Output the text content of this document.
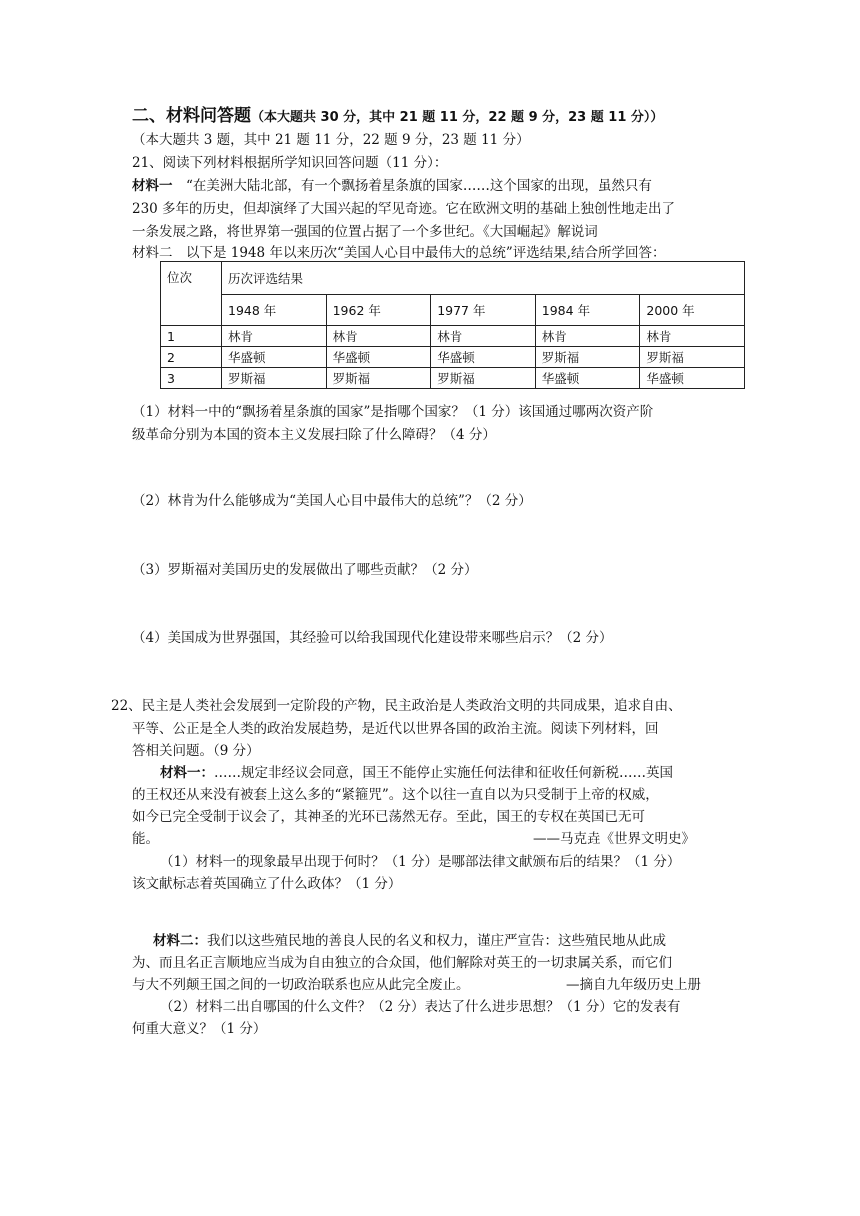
二、材料问答题（本大题共 30 分，其中 21 题 11 分，22 题 9 分，23 题 11 分））
（本大题共 3 题，其中 21 题 11 分，22 题 9 分，23 题 11 分）
21、阅读下列材料根据所学知识回答问题（11 分）：
材料一　 “在美洲大陆北部，有一个飘扬着星条旗的国家……这个国家的出现，虽然只有
230 多年的历史，但却演绎了大国兴起的罕见奇迹。它在欧洲文明的基础上独创性地走出了
一条发展之路，将世界第一强国的位置占据了一个多世纪。《大国崛起》解说词
材料二　以下是 1948 年以来历次“美国人心目中最伟大的总统”评选结果,结合所学回答：
位次	历次评选结果				
	1948 年	1962 年	1977 年	1984 年	2000 年
1	林肯	林肯	林肯	林肯	林肯
2	华盛顿	华盛顿	华盛顿	罗斯福	罗斯福
3	罗斯福	罗斯福	罗斯福	华盛顿	华盛顿
（1）材料一中的“飘扬着星条旗的国家”是指哪个国家？（1 分）该国通过哪两次资产阶
级革命分别为本国的资本主义发展扫除了什么障碍？（4 分）
（2）林肯为什么能够成为“美国人心目中最伟大的总统”？（2 分）
（3）罗斯福对美国历史的发展做出了哪些贡献？（2 分）
（4）美国成为世界强国，其经验可以给我国现代化建设带来哪些启示？（2 分）
22、民主是人类社会发展到一定阶段的产物，民主政治是人类政治文明的共同成果，追求自由、
平等、公正是全人类的政治发展趋势，是近代以世界各国的政治主流。阅读下列材料，回
答相关问题。（9 分）
材料一：……规定非经议会同意，国王不能停止实施任何法律和征收任何新税……英国
的王权还从来没有被套上这么多的“紧箍咒”。这个以往一直自以为只受制于上帝的权威，
如今已完全受制于议会了，其神圣的光环已荡然无存。至此，国王的专权在英国已无可
能。	——马克垚《世界文明史》
（1）材料一的现象最早出现于何时？（1 分）是哪部法律文献颁布后的结果？（1 分）
该文献标志着英国确立了什么政体？（1 分）
材料二：我们以这些殖民地的善良人民的名义和权力，谨庄严宣告：这些殖民地从此成
为、而且名正言顺地应当成为自由独立的合众国，他们解除对英王的一切隶属关系，而它们
与大不列颠王国之间的一切政治联系也应从此完全废止。	—摘自九年级历史上册
（2）材料二出自哪国的什么文件？（2 分）表达了什么进步思想？（1 分）它的发表有
何重大意义？（1 分）
